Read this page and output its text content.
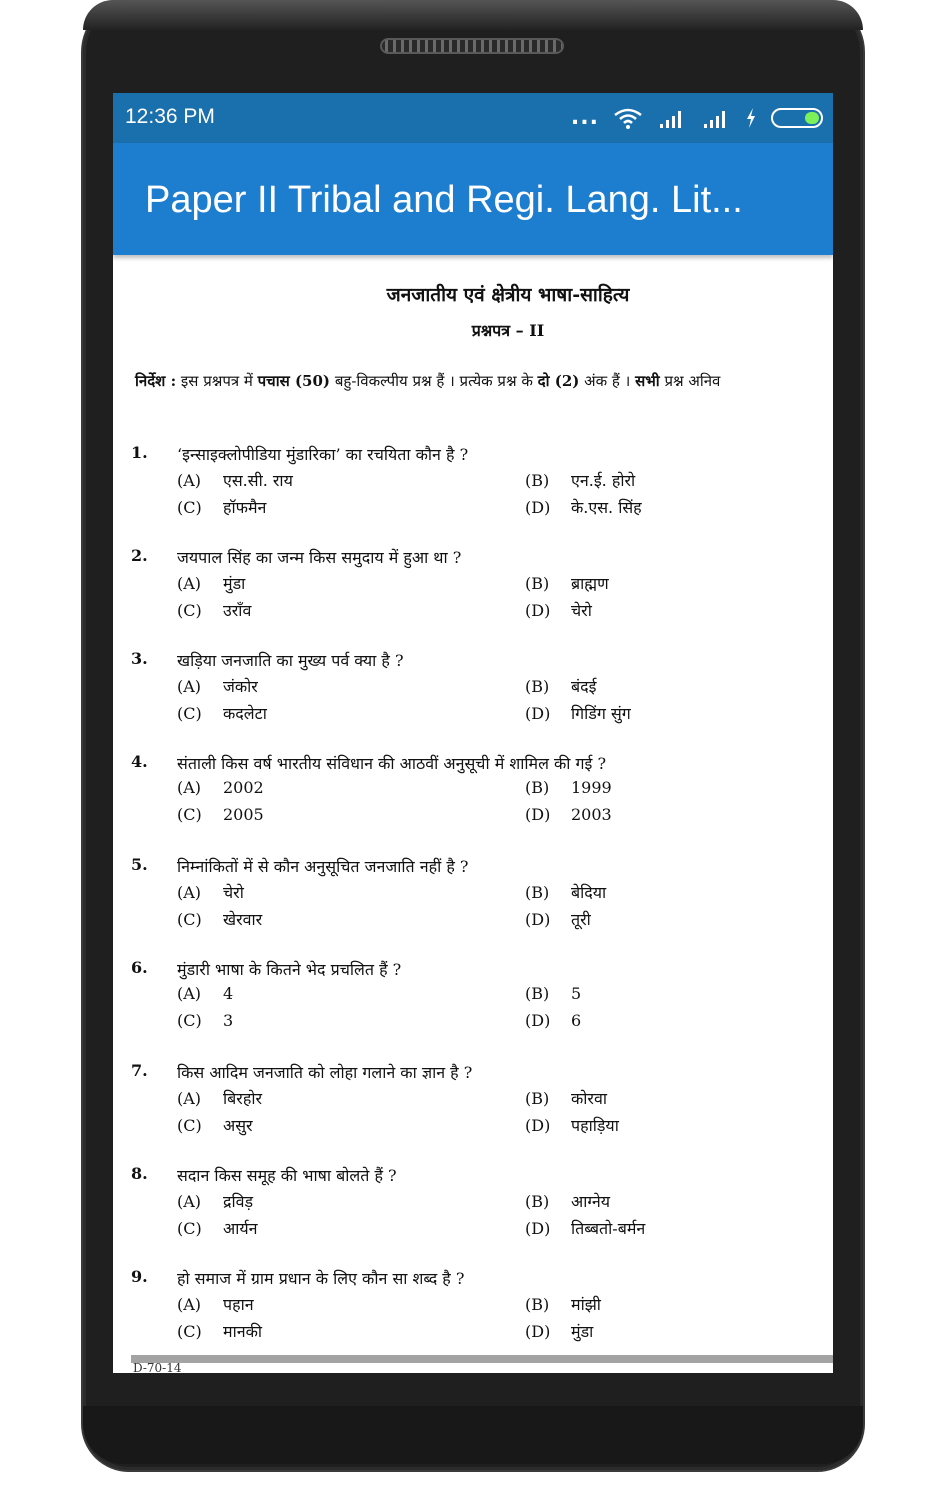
12:36 PM	...
Paper II Tribal and Regi. Lang. Lit...
जनजातीय एवं क्षेत्रीय भाषा-साहित्य
प्रश्नपत्र – II
निर्देश : इस प्रश्नपत्र में पचास (50) बहु-विकल्पीय प्रश्न हैं । प्रत्येक प्रश्न के दो (2) अंक हैं । सभी प्रश्न अनिव
1. ‘इन्साइक्लोपीडिया मुंडारिका’ का रचयिता कौन है ?
(A) एस.सी. राय	(B) एन.ई. होरो
(C) हॉफमैन	(D) के.एस. सिंह
2. जयपाल सिंह का जन्म किस समुदाय में हुआ था ?
(A) मुंडा	(B) ब्राह्मण
(C) उराँव	(D) चेरो
3. खड़िया जनजाति का मुख्य पर्व क्या है ?
(A) जंकोर	(B) बंदई
(C) कदलेटा	(D) गिडिंग सुंग
4. संताली किस वर्ष भारतीय संविधान की आठवीं अनुसूची में शामिल की गई ?
(A) 2002	(B) 1999
(C) 2005	(D) 2003
5. निम्नांकितों में से कौन अनुसूचित जनजाति नहीं है ?
(A) चेरो	(B) बेदिया
(C) खेरवार	(D) तूरी
6. मुंडारी भाषा के कितने भेद प्रचलित हैं ?
(A) 4	(B) 5
(C) 3	(D) 6
7. किस आदिम जनजाति को लोहा गलाने का ज्ञान है ?
(A) बिरहोर	(B) कोरवा
(C) असुर	(D) पहाड़िया
8. सदान किस समूह की भाषा बोलते हैं ?
(A) द्रविड़	(B) आग्नेय
(C) आर्यन	(D) तिब्बतो-बर्मन
9. हो समाज में ग्राम प्रधान के लिए कौन सा शब्द है ?
(A) पहान	(B) मांझी
(C) मानकी	(D) मुंडा
D-70-14
